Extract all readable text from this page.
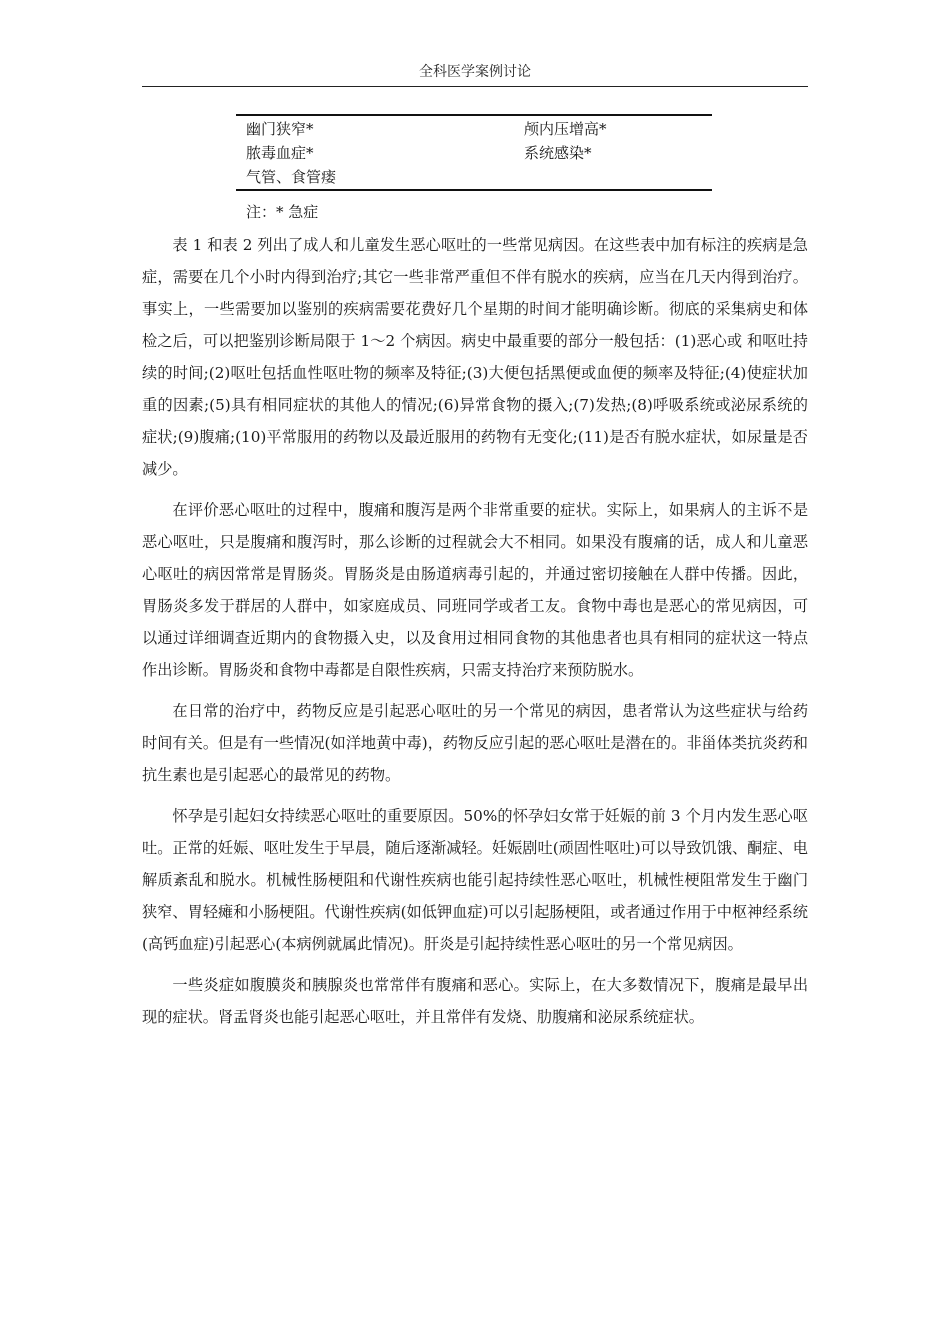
全科医学案例讨论
幽门狭窄*	颅内压增高*
脓毒血症*	系统感染*
气管、食管瘘
注：* 急症

表 1 和表 2 列出了成人和儿童发生恶心呕吐的一些常见病因。在这些表中加有标注的疾病是急症，需要在几个小时内得到治疗;其它一些非常严重但不伴有脱水的疾病，应当在几天内得到治疗。事实上，一些需要加以鉴别的疾病需要花费好几个星期的时间才能明确诊断。彻底的采集病史和体检之后，可以把鉴别诊断局限于 1～2 个病因。病史中最重要的部分一般包括：(1)恶心或 和呕吐持续的时间;(2)呕吐包括血性呕吐物的频率及特征;(3)大便包括黑便或血便的频率及特征;(4)使症状加重的因素;(5)具有相同症状的其他人的情况;(6)异常食物的摄入;(7)发热;(8)呼吸系统或泌尿系统的症状;(9)腹痛;(10)平常服用的药物以及最近服用的药物有无变化;(11)是否有脱水症状，如尿量是否减少。

在评价恶心呕吐的过程中，腹痛和腹泻是两个非常重要的症状。实际上，如果病人的主诉不是恶心呕吐，只是腹痛和腹泻时，那么诊断的过程就会大不相同。如果没有腹痛的话，成人和儿童恶心呕吐的病因常常是胃肠炎。胃肠炎是由肠道病毒引起的，并通过密切接触在人群中传播。因此，胃肠炎多发于群居的人群中，如家庭成员、同班同学或者工友。食物中毒也是恶心的常见病因，可以通过详细调查近期内的食物摄入史，以及食用过相同食物的其他患者也具有相同的症状这一特点作出诊断。胃肠炎和食物中毒都是自限性疾病，只需支持治疗来预防脱水。

在日常的治疗中，药物反应是引起恶心呕吐的另一个常见的病因，患者常认为这些症状与给药时间有关。但是有一些情况(如洋地黄中毒)，药物反应引起的恶心呕吐是潜在的。非甾体类抗炎药和抗生素也是引起恶心的最常见的药物。

怀孕是引起妇女持续恶心呕吐的重要原因。50%的怀孕妇女常于妊娠的前 3 个月内发生恶心呕吐。正常的妊娠、呕吐发生于早晨，随后逐渐减轻。妊娠剧吐(顽固性呕吐)可以导致饥饿、酮症、电解质紊乱和脱水。机械性肠梗阻和代谢性疾病也能引起持续性恶心呕吐，机械性梗阻常发生于幽门狭窄、胃轻瘫和小肠梗阻。代谢性疾病(如低钾血症)可以引起肠梗阻，或者通过作用于中枢神经系统(高钙血症)引起恶心(本病例就属此情况)。肝炎是引起持续性恶心呕吐的另一个常见病因。

一些炎症如腹膜炎和胰腺炎也常常伴有腹痛和恶心。实际上，在大多数情况下，腹痛是最早出现的症状。肾盂肾炎也能引起恶心呕吐，并且常伴有发烧、肋腹痛和泌尿系统症状。
